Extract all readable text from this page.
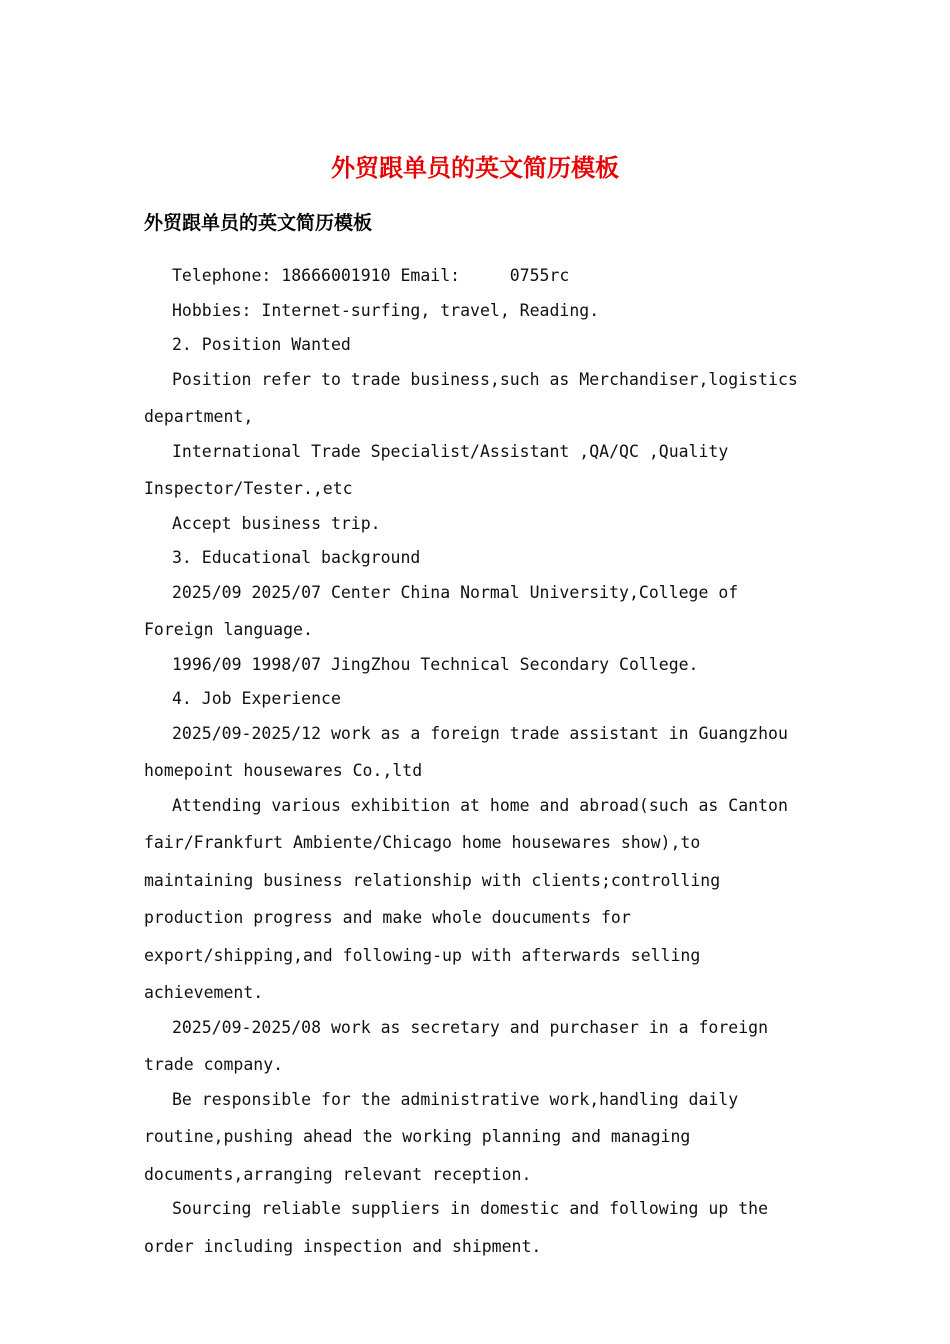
外贸跟单员的英文简历模板
外贸跟单员的英文简历模板

Telephone: 18666001910 Email:     0755rc

Hobbies: Internet-surfing, travel, Reading.

2. Position Wanted

Position refer to trade business,such as Merchandiser,logistics department,

International Trade Specialist/Assistant ,QA/QC ,Quality Inspector/Tester.,etc

Accept business trip.

3. Educational background

2025/09 2025/07 Center China Normal University,College of Foreign language.

1996/09 1998/07 JingZhou Technical Secondary College.

4. Job Experience

2025/09-2025/12 work as a foreign trade assistant in Guangzhou homepoint housewares Co.,ltd

Attending various exhibition at home and abroad(such as Canton fair/Frankfurt Ambiente/Chicago home housewares show),to maintaining business relationship with clients;controlling production progress and make whole doucuments for export/shipping,and following-up with afterwards selling achievement.

2025/09-2025/08 work as secretary and purchaser in a foreign trade company.

Be responsible for the administrative work,handling daily routine,pushing ahead the working planning and managing documents,arranging relevant reception.

Sourcing reliable suppliers in domestic and following up the order including inspection and shipment.
